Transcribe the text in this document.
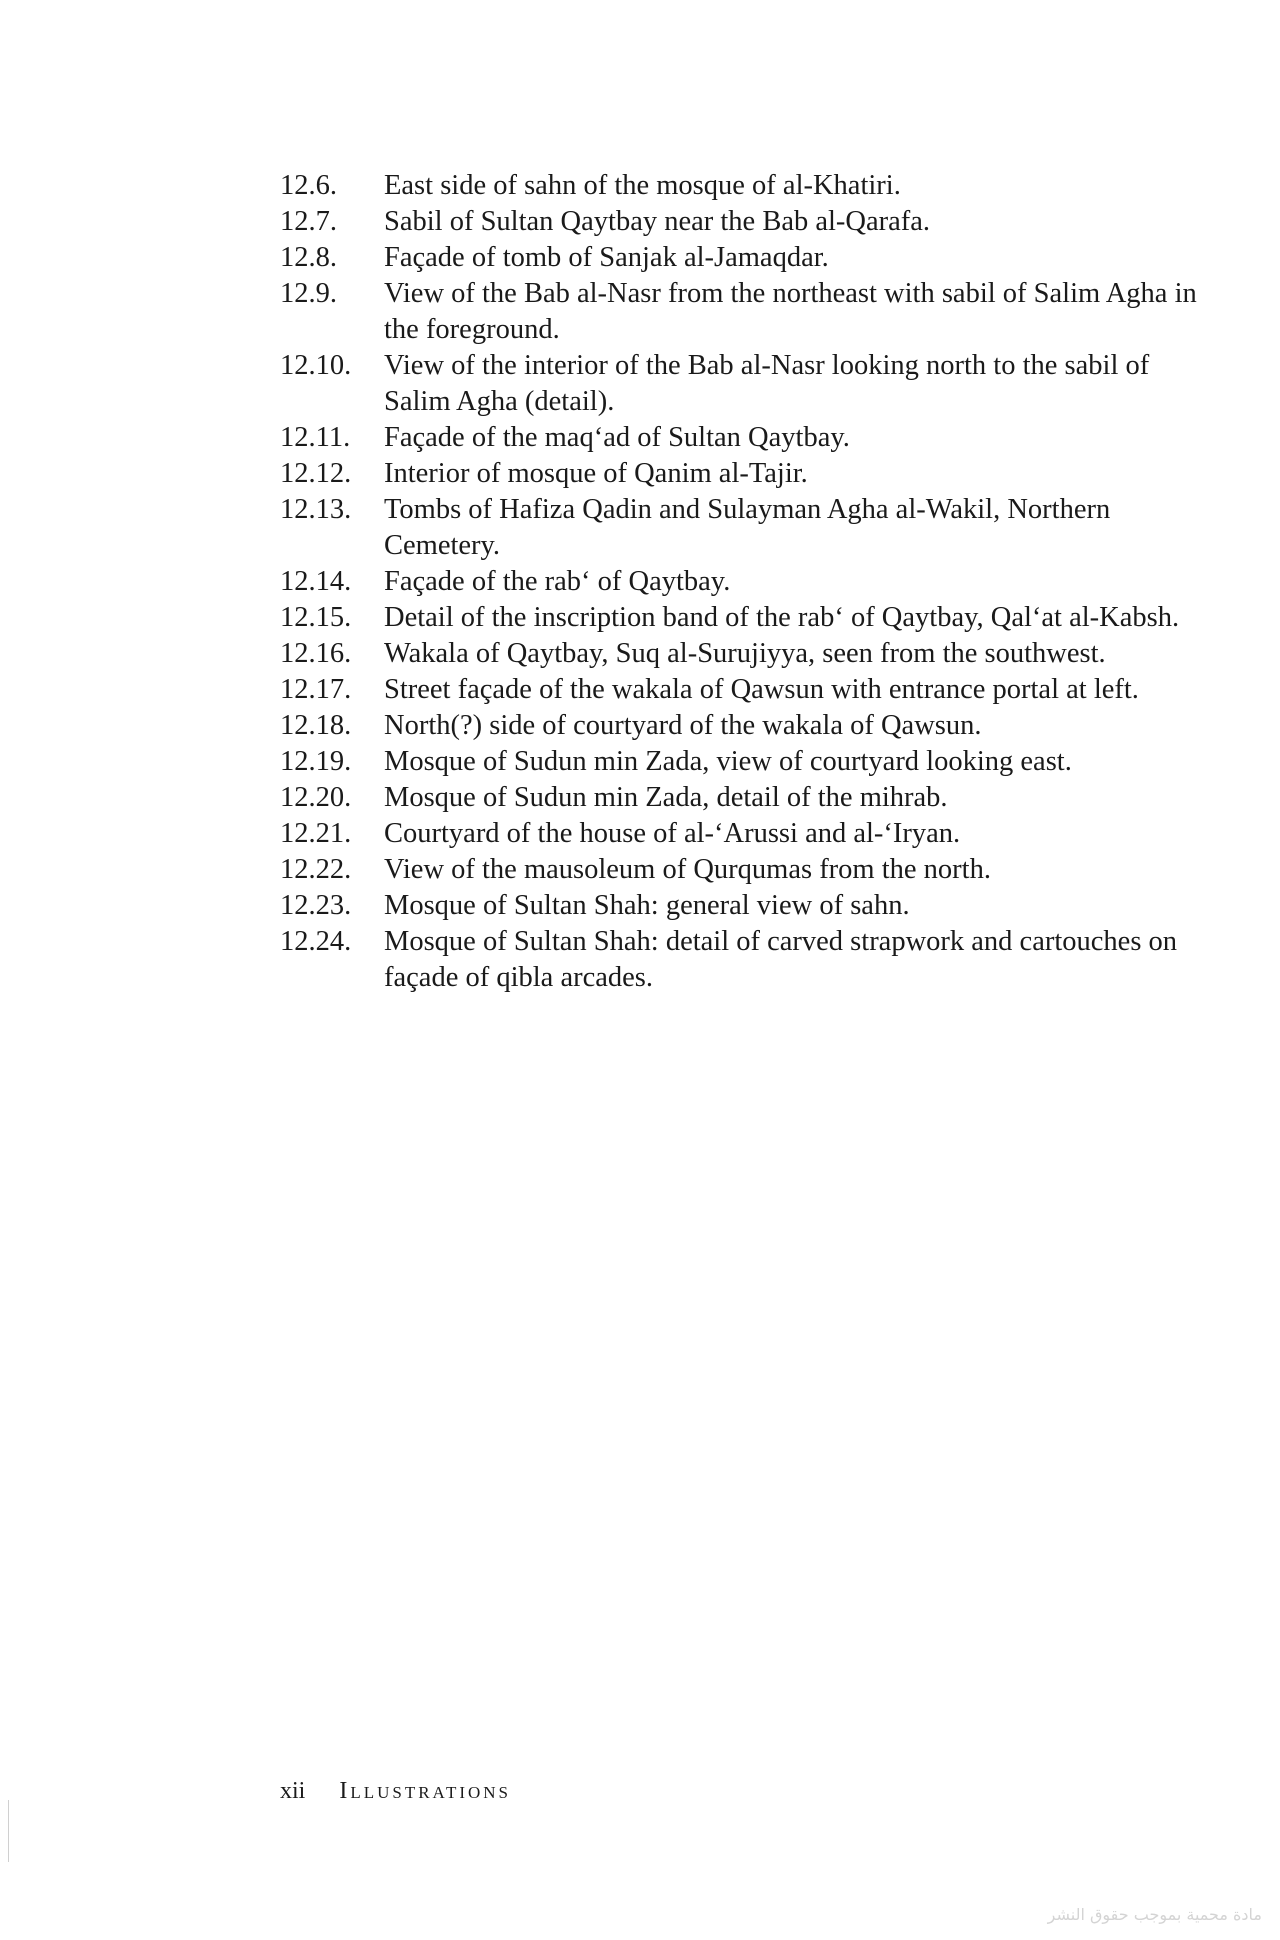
12.6.	East side of sahn of the mosque of al-Khatiri.
12.7.	Sabil of Sultan Qaytbay near the Bab al-Qarafa.
12.8.	Façade of tomb of Sanjak al-Jamaqdar.
12.9.	View of the Bab al-Nasr from the northeast with sabil of Salim Agha in the foreground.
12.10.	View of the interior of the Bab al-Nasr looking north to the sabil of Salim Agha (detail).
12.11.	Façade of the maq‘ad of Sultan Qaytbay.
12.12.	Interior of mosque of Qanim al-Tajir.
12.13.	Tombs of Hafiza Qadin and Sulayman Agha al-Wakil, Northern Cemetery.
12.14.	Façade of the rab‘ of Qaytbay.
12.15.	Detail of the inscription band of the rab‘ of Qaytbay, Qal‘at al-Kabsh.
12.16.	Wakala of Qaytbay, Suq al-Surujiyya, seen from the southwest.
12.17.	Street façade of the wakala of Qawsun with entrance portal at left.
12.18.	North(?) side of courtyard of the wakala of Qawsun.
12.19.	Mosque of Sudun min Zada, view of courtyard looking east.
12.20.	Mosque of Sudun min Zada, detail of the mihrab.
12.21.	Courtyard of the house of al-‘Arussi and al-‘Iryan.
12.22.	View of the mausoleum of Qurqumas from the north.
12.23.	Mosque of Sultan Shah: general view of sahn.
12.24.	Mosque of Sultan Shah: detail of carved strapwork and cartouches on façade of qibla arcades.
xii Illustrations
مادة محمية بموجب حقوق النشر
